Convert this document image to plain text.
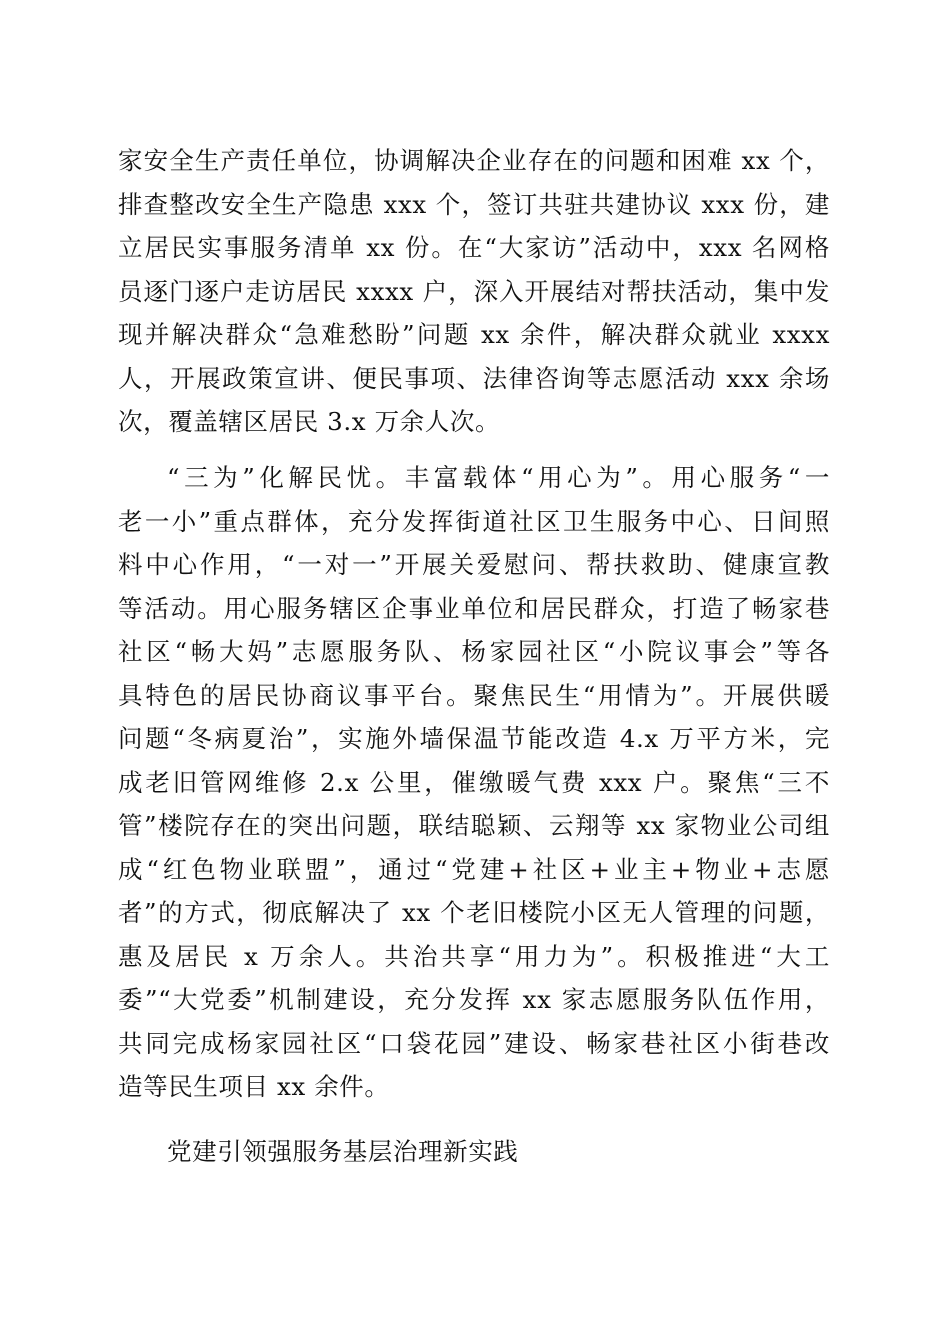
家安全生产责任单位，协调解决企业存在的问题和困难 xx 个，
排查整改安全生产隐患 xxx 个，签订共驻共建协议 xxx 份，建
立居民实事服务清单 xx 份。在“大家访”活动中，xxx 名网格
员逐门逐户走访居民 xxxx 户，深入开展结对帮扶活动，集中发
现并解决群众“急难愁盼”问题 xx 余件，解决群众就业 xxxx
人，开展政策宣讲、便民事项、法律咨询等志愿活动 xxx 余场
次，覆盖辖区居民 3.x 万余人次。
“三为”化解民忧。丰富载体“用心为”。用心服务“一
老一小”重点群体，充分发挥街道社区卫生服务中心、日间照
料中心作用，“一对一”开展关爱慰问、帮扶救助、健康宣教
等活动。用心服务辖区企事业单位和居民群众，打造了畅家巷
社区“畅大妈”志愿服务队、杨家园社区“小院议事会”等各
具特色的居民协商议事平台。聚焦民生“用情为”。开展供暖
问题“冬病夏治”，实施外墙保温节能改造 4.x 万平方米，完
成老旧管网维修 2.x 公里，催缴暖气费 xxx 户。聚焦“三不
管”楼院存在的突出问题，联结聪颖、云翔等 xx 家物业公司组
成“红色物业联盟”，通过“党建+社区+业主+物业+志愿
者”的方式，彻底解决了 xx 个老旧楼院小区无人管理的问题，
惠及居民 x 万余人。共治共享“用力为”。积极推进“大工
委”“大党委”机制建设，充分发挥 xx 家志愿服务队伍作用，
共同完成杨家园社区“口袋花园”建设、畅家巷社区小街巷改
造等民生项目 xx 余件。
党建引领强服务基层治理新实践
